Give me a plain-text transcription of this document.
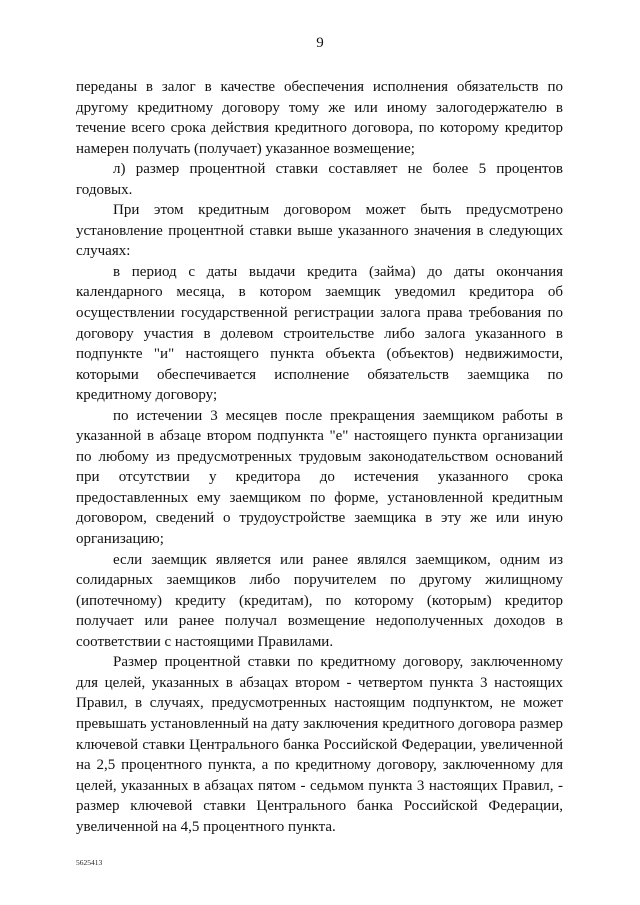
9

переданы в залог в качестве обеспечения исполнения обязательств по другому кредитному договору тому же или иному залогодержателю в течение всего срока действия кредитного договора, по которому кредитор намерен получать (получает) указанное возмещение;

л) размер процентной ставки составляет не более 5 процентов годовых.

При этом кредитным договором может быть предусмотрено установление процентной ставки выше указанного значения в следующих случаях:

в период с даты выдачи кредита (займа) до даты окончания календарного месяца, в котором заемщик уведомил кредитора об осуществлении государственной регистрации залога права требования по договору участия в долевом строительстве либо залога указанного в подпункте "и" настоящего пункта объекта (объектов) недвижимости, которыми обеспечивается исполнение обязательств заемщика по кредитному договору;

по истечении 3 месяцев после прекращения заемщиком работы в указанной в абзаце втором подпункта "е" настоящего пункта организации по любому из предусмотренных трудовым законодательством оснований при отсутствии у кредитора до истечения указанного срока предоставленных ему заемщиком по форме, установленной кредитным договором, сведений о трудоустройстве заемщика в эту же или иную организацию;

если заемщик является или ранее являлся заемщиком, одним из солидарных заемщиков либо поручителем по другому жилищному (ипотечному) кредиту (кредитам), по которому (которым) кредитор получает или ранее получал возмещение недополученных доходов в соответствии с настоящими Правилами.

Размер процентной ставки по кредитному договору, заключенному для целей, указанных в абзацах втором - четвертом пункта 3 настоящих Правил, в случаях, предусмотренных настоящим подпунктом, не может превышать установленный на дату заключения кредитного договора размер ключевой ставки Центрального банка Российской Федерации, увеличенной на 2,5 процентного пункта, а по кредитному договору, заключенному для целей, указанных в абзацах пятом - седьмом пункта 3 настоящих Правил, - размер ключевой ставки Центрального банка Российской Федерации, увеличенной на 4,5 процентного пункта.

5625413
